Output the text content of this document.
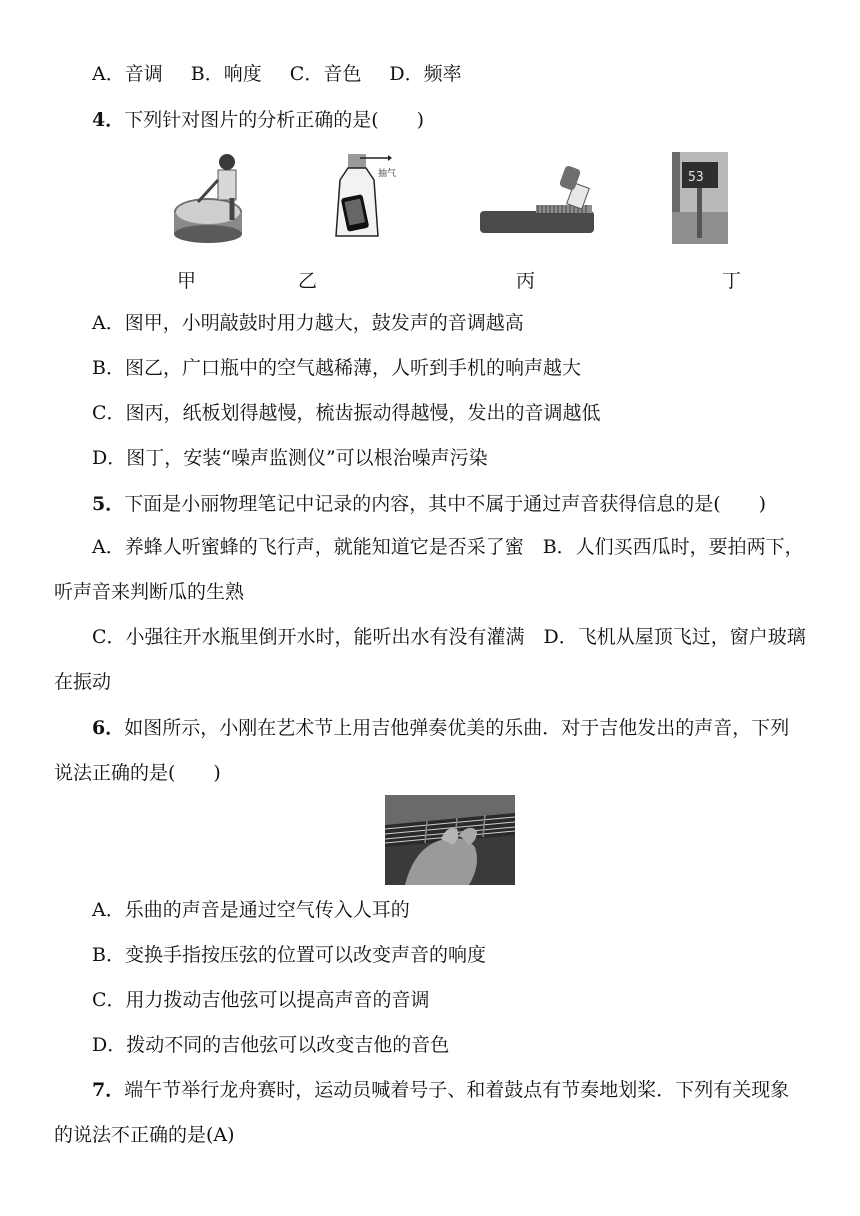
A．音调 B．响度 C．音色 D．频率
4．下列针对图片的分析正确的是(　　)
甲
抽气
乙	丙
53
丁
A．图甲，小明敲鼓时用力越大，鼓发声的音调越高
B．图乙，广口瓶中的空气越稀薄，人听到手机的响声越大
C．图丙，纸板划得越慢，梳齿振动得越慢，发出的音调越低
D．图丁，安装“噪声监测仪”可以根治噪声污染
5．下面是小丽物理笔记中记录的内容，其中不属于通过声音获得信息的是(　　)
A．养蜂人听蜜蜂的飞行声，就能知道它是否采了蜜　B．人们买西瓜时，要拍两下，听声音来判断瓜的生熟
C．小强往开水瓶里倒开水时，能听出水有没有灌满　D．飞机从屋顶飞过，窗户玻璃在振动
6．如图所示，小刚在艺术节上用吉他弹奏优美的乐曲．对于吉他发出的声音，下列说法正确的是(　　)
A．乐曲的声音是通过空气传入人耳的
B．变换手指按压弦的位置可以改变声音的响度
C．用力拨动吉他弦可以提高声音的音调
D．拨动不同的吉他弦可以改变吉他的音色
7．端午节举行龙舟赛时，运动员喊着号子、和着鼓点有节奏地划桨．下列有关现象的说法不正确的是(A)
